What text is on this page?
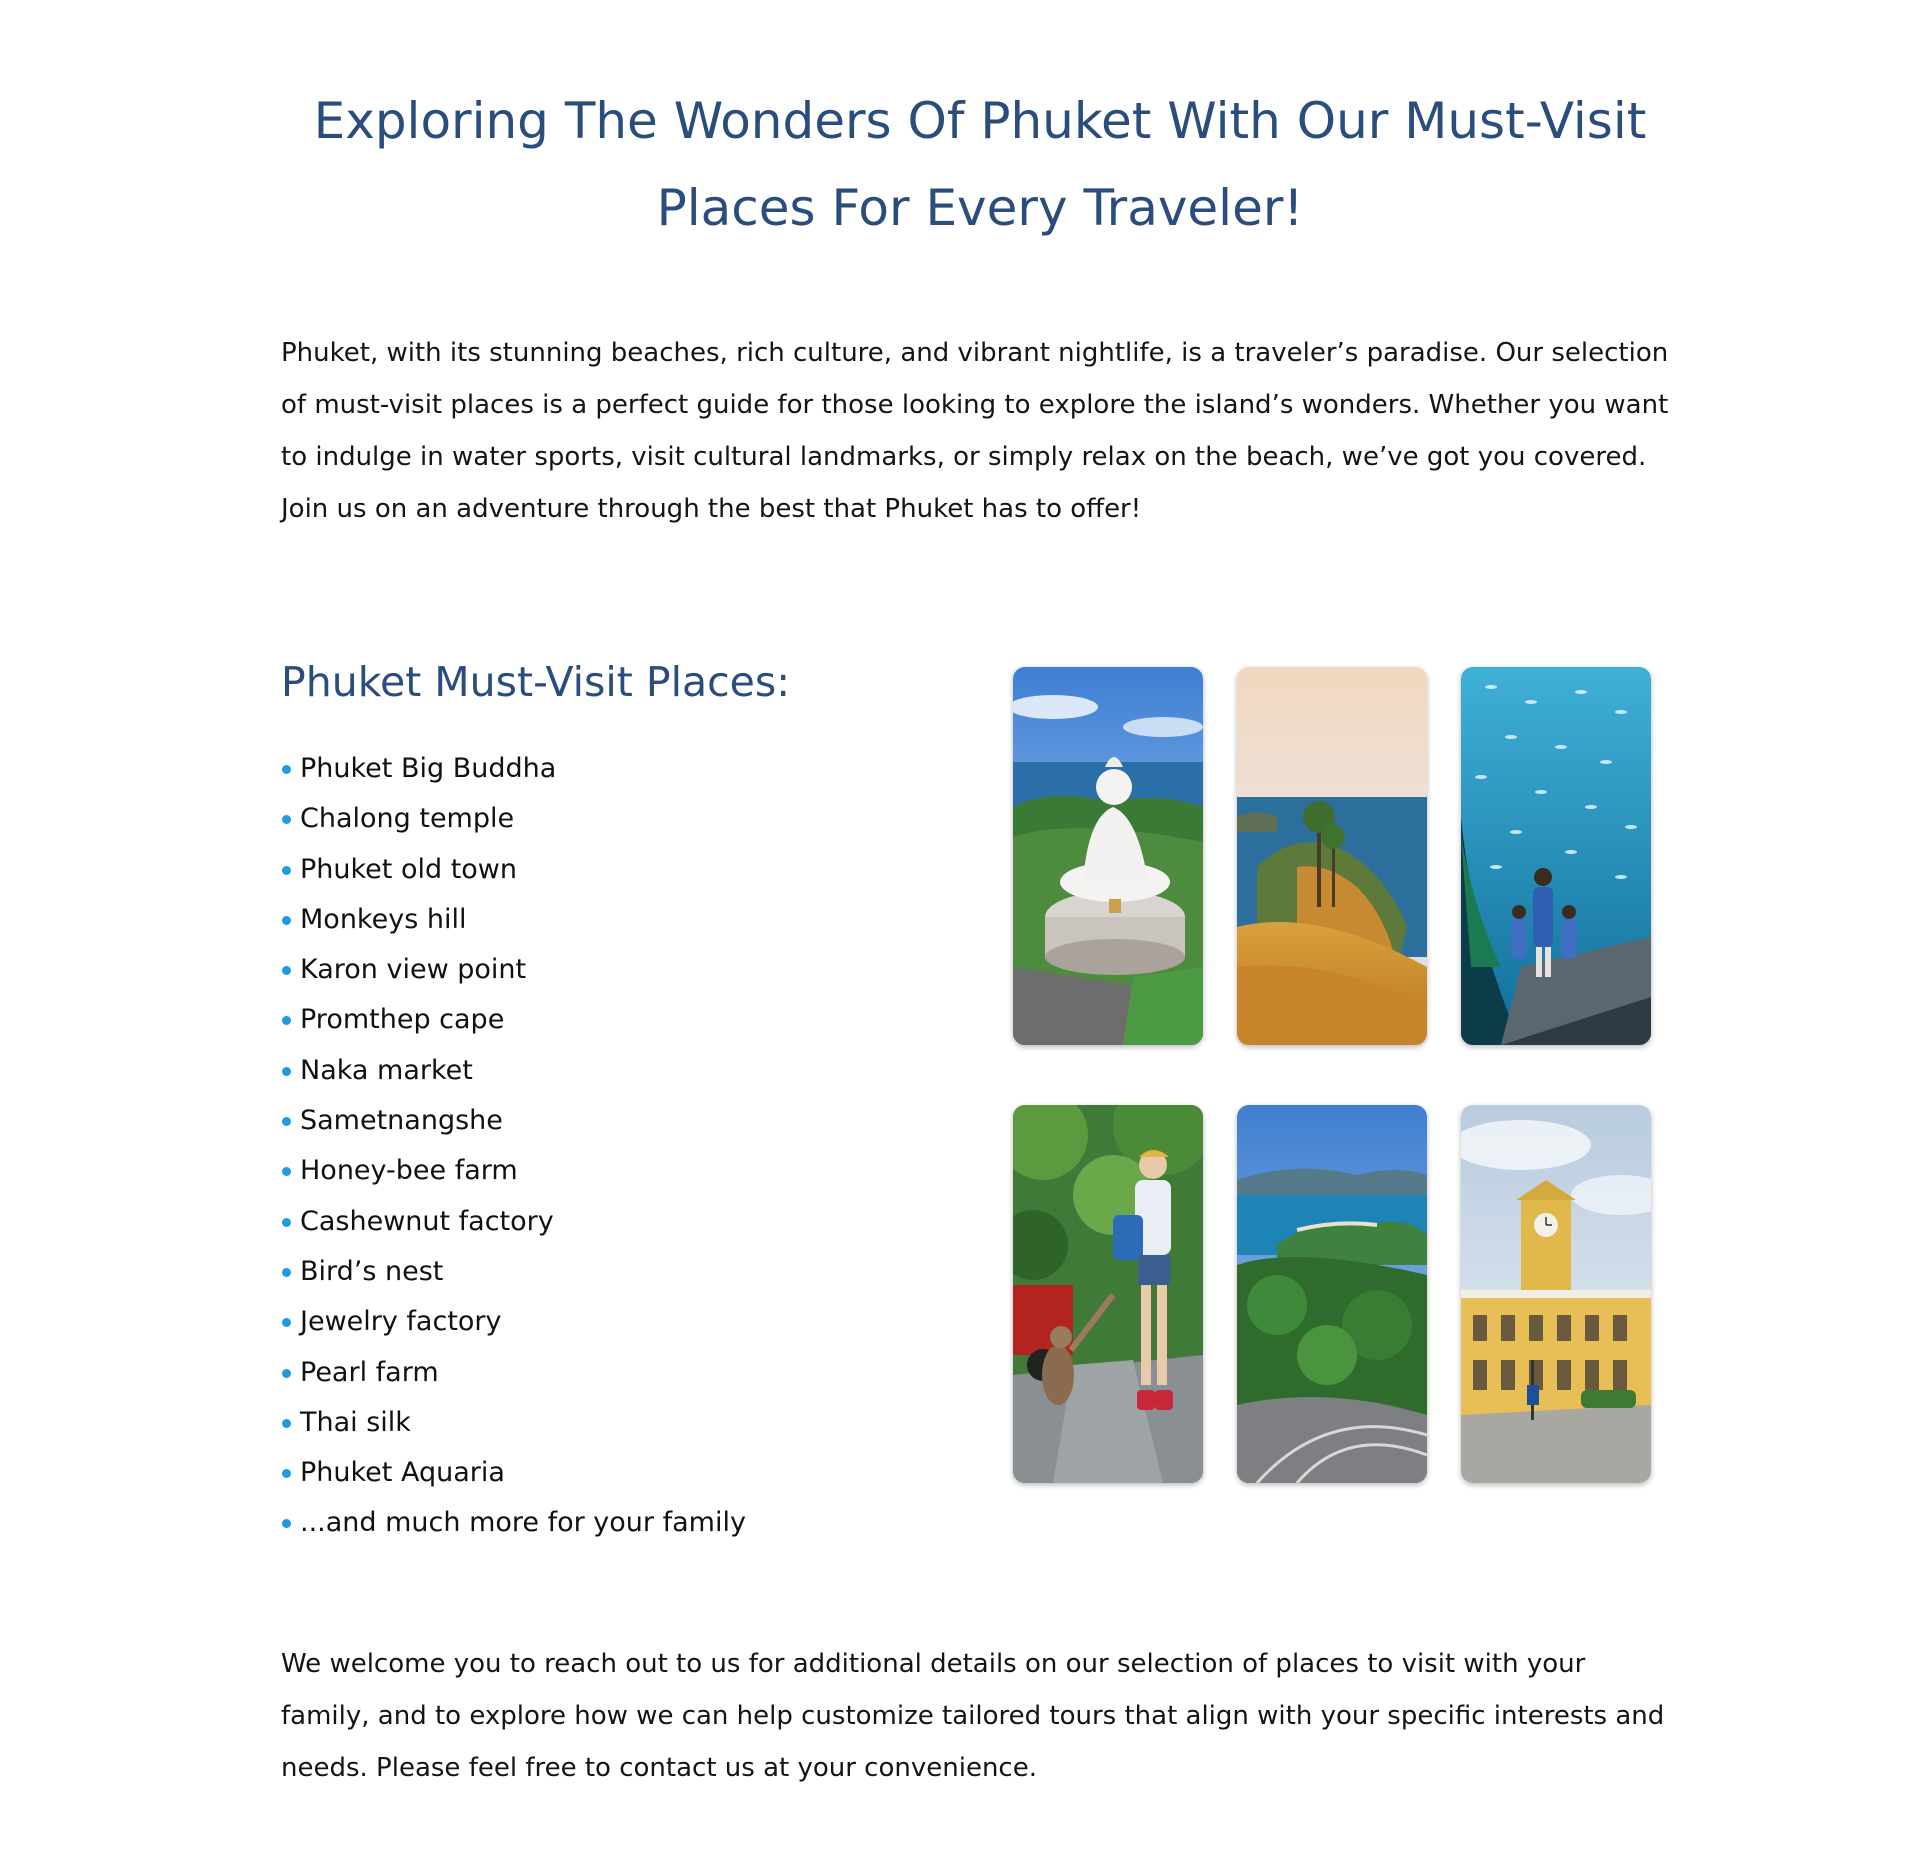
Exploring The Wonders Of Phuket With Our Must-Visit
Places For Every Traveler!

Phuket, with its stunning beaches, rich culture, and vibrant nightlife, is a traveler’s paradise. Our selection of must-visit places is a perfect guide for those looking to explore the island’s wonders. Whether you want to indulge in water sports, visit cultural landmarks, or simply relax on the beach, we’ve got you covered. Join us on an adventure through the best that Phuket has to offer!

Phuket Must-Visit Places:
Phuket Big Buddha
Chalong temple
Phuket old town
Monkeys hill
Karon view point
Promthep cape
Naka market
Sametnangshe
Honey-bee farm
Cashewnut factory
Bird’s nest
Jewelry factory
Pearl farm
Thai silk
Phuket Aquaria
...and much more for your family

We welcome you to reach out to us for additional details on our selection of places to visit with your family, and to explore how we can help customize tailored tours that align with your specific interests and needs. Please feel free to contact us at your convenience.
